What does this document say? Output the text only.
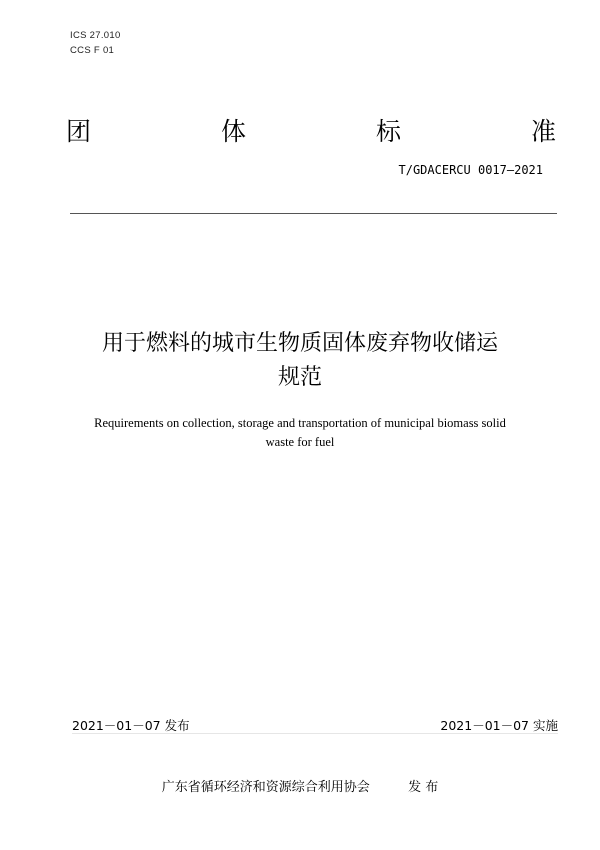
ICS 27.010
CCS F 01
团	体	标	准
T/GDACERCU 0017—2021
用于燃料的城市生物质固体废弃物收储运
规范
Requirements on collection, storage and transportation of municipal biomass solid
waste for fuel
2021－01－07 发布	2021－01－07 实施
广东省循环经济和资源综合利用协会	发 布
